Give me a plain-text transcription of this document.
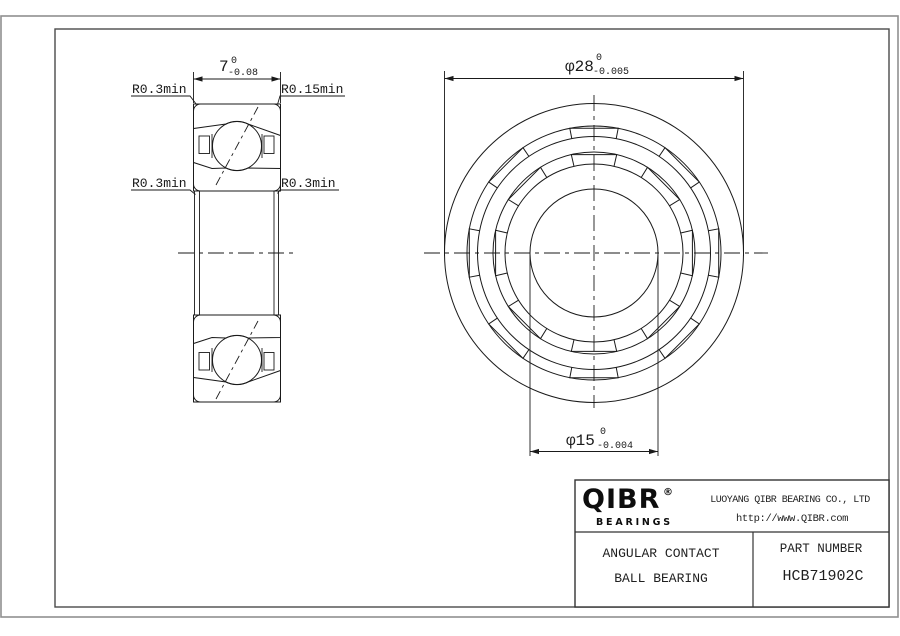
7 0
-0.08
R0.3min	R0.15min
R0.3min	R0.3min
φ28 0
-0.005
φ15 0
-0.004
QIBR ®
BEARINGS
LUOYANG QIBR BEARING CO., LTD
http://www.QIBR.com
ANGULAR CONTACT
BALL BEARING
PART NUMBER
HCB71902C
